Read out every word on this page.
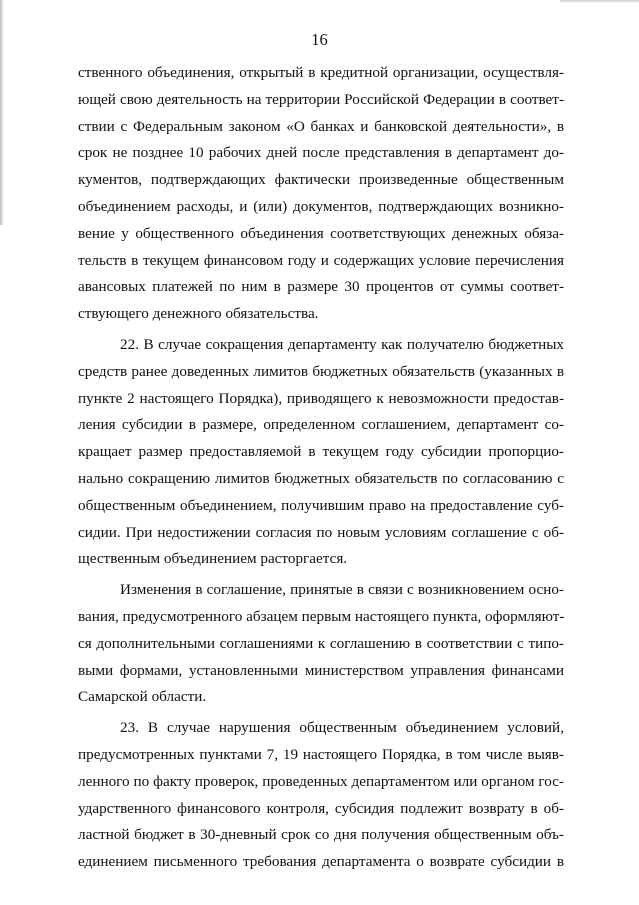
16
ственного объединения, открытый в кредитной организации, осуществля-
ющей свою деятельность на территории Российской Федерации в соответ-
ствии с Федеральным законом «О банках и банковской деятельности», в
срок не позднее 10 рабочих дней после представления в департамент до-
кументов, подтверждающих фактически произведенные общественным
объединением расходы, и (или) документов, подтверждающих возникно-
вение у общественного объединения соответствующих денежных обяза-
тельств в текущем финансовом году и содержащих условие перечисления
авансовых платежей по ним в размере 30 процентов от суммы соответ-
ствующего денежного обязательства.
22. В случае сокращения департаменту как получателю бюджетных
средств ранее доведенных лимитов бюджетных обязательств (указанных в
пункте 2 настоящего Порядка), приводящего к невозможности предостав-
ления субсидии в размере, определенном соглашением, департамент со-
кращает размер предоставляемой в текущем году субсидии пропорцио-
нально сокращению лимитов бюджетных обязательств по согласованию с
общественным объединением, получившим право на предоставление суб-
сидии. При недостижении согласия по новым условиям соглашение с об-
щественным объединением расторгается.
Изменения в соглашение, принятые в связи с возникновением осно-
вания, предусмотренного абзацем первым настоящего пункта, оформляют-
ся дополнительными соглашениями к соглашению в соответствии с типо-
выми формами, установленными министерством управления финансами
Самарской области.
23. В случае нарушения общественным объединением условий,
предусмотренных пунктами 7, 19 настоящего Порядка, в том числе выяв-
ленного по факту проверок, проведенных департаментом или органом гос-
ударственного финансового контроля, субсидия подлежит возврату в об-
ластной бюджет в 30-дневный срок со дня получения общественным объ-
единением письменного требования департамента о возврате субсидии в
